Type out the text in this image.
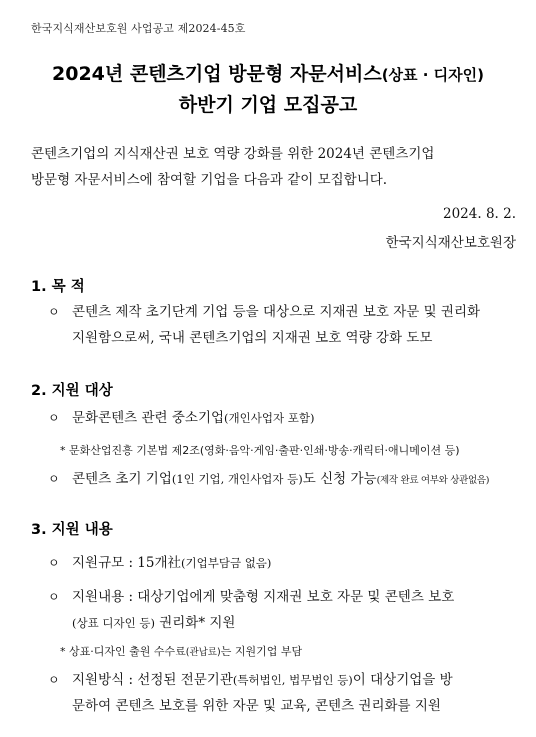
한국지식재산보호원 사업공고 제2024-45호
2024년 콘텐츠기업 방문형 자문서비스(상표 · 디자인)
하반기 기업 모집공고
콘텐츠기업의 지식재산권 보호 역량 강화를 위한 2024년 콘텐츠기업
방문형 자문서비스에 참여할 기업을 다음과 같이 모집합니다.
2024. 8. 2.
한국지식재산보호원장
1. 목 적
ㅇ 콘텐츠 제작 초기단계 기업 등을 대상으로 지재권 보호 자문 및 권리화
지원함으로써, 국내 콘텐츠기업의 지재권 보호 역량 강화 도모
2. 지원 대상
ㅇ 문화콘텐츠 관련 중소기업(개인사업자 포함)
* 문화산업진흥 기본법 제2조(영화·음악·게임·출판·인쇄·방송·캐릭터·애니메이션 등)
ㅇ 콘텐츠 초기 기업(1인 기업, 개인사업자 등)도 신청 가능(제작 완료 여부와 상관없음)
3. 지원 내용
ㅇ 지원규모 : 15개社(기업부담금 없음)
ㅇ 지원내용 : 대상기업에게 맞춤형 지재권 보호 자문 및 콘텐츠 보호
(상표 디자인 등) 권리화* 지원
* 상표·디자인 출원 수수료(관납료)는 지원기업 부담
ㅇ 지원방식 : 선정된 전문기관(특허법인, 법무법인 등)이 대상기업을 방
문하여 콘텐츠 보호를 위한 자문 및 교육, 콘텐츠 권리화를 지원
